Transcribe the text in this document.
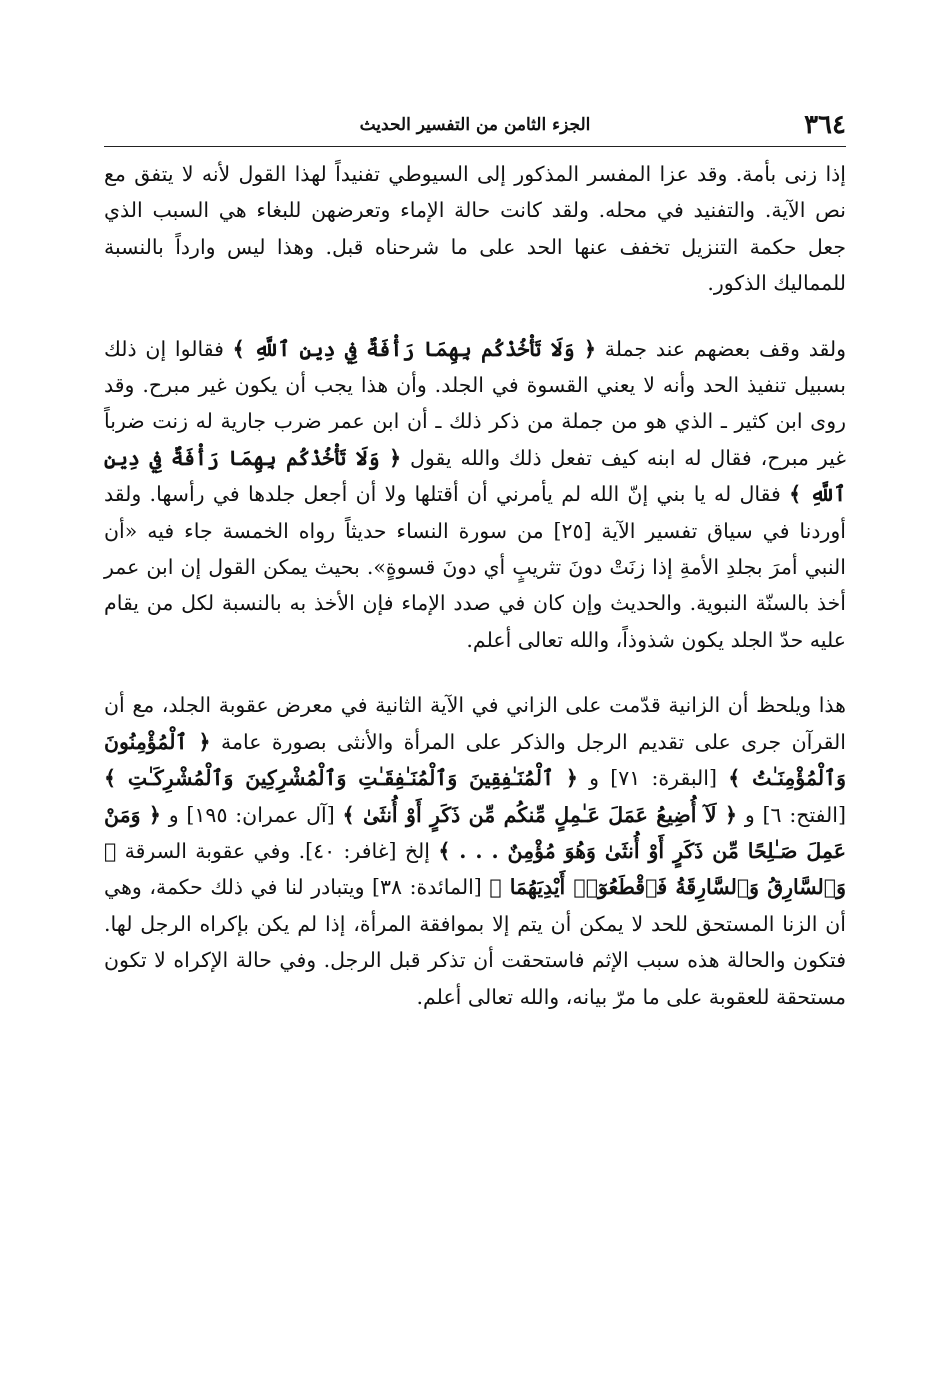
٣٦٤
الجزء الثامن من التفسير الحديث

إذا زنى بأمة. وقد عزا المفسر المذكور إلى السيوطي تفنيداً لهذا القول لأنه لا يتفق مع نص الآية. والتفنيد في محله. ولقد كانت حالة الإماء وتعرضهن للبغاء هي السبب الذي جعل حكمة التنزيل تخفف عنها الحد على ما شرحناه قبل. وهذا ليس وارداً بالنسبة للمماليك الذكور.

ولقد وقف بعضهم عند جملة ﴿ وَلَا تَأْخُذْكُم بِهِمَا رَأْفَةٌ فِي دِينِ ٱللَّهِ ﴾ فقالوا إن ذلك بسبيل تنفيذ الحد وأنه لا يعني القسوة في الجلد. وأن هذا يجب أن يكون غير مبرح. وقد روى ابن كثير ـ الذي هو من جملة من ذكر ذلك ـ أن ابن عمر ضرب جارية له زنت ضرباً غير مبرح، فقال له ابنه كيف تفعل ذلك والله يقول ﴿ وَلَا تَأْخُذْكُم بِهِمَا رَأْفَةٌ فِي دِينِ ٱللَّهِ ﴾ فقال له يا بني إنّ الله لم يأمرني أن أقتلها ولا أن أجعل جلدها في رأسها. ولقد أوردنا في سياق تفسير الآية [٢٥] من سورة النساء حديثاً رواه الخمسة جاء فيه «أن النبي أمرَ بجلدِ الأمةِ إذا زنَتْ دونَ تثريبٍ أي دونَ قسوةٍ». بحيث يمكن القول إن ابن عمر أخذ بالسنّة النبوية. والحديث وإن كان في صدد الإماء فإن الأخذ به بالنسبة لكل من يقام عليه حدّ الجلد يكون شذوذاً، والله تعالى أعلم.

هذا ويلحظ أن الزانية قدّمت على الزاني في الآية الثانية في معرض عقوبة الجلد، مع أن القرآن جرى على تقديم الرجل والذكر على المرأة والأنثى بصورة عامة ﴿ ٱلْمُؤْمِنُونَ وَٱلْمُؤْمِنَـٰتُ ﴾ [البقرة: ٧١] و ﴿ ٱلْمُنَـٰفِقِينَ وَٱلْمُنَـٰفِقَـٰتِ وَٱلْمُشْرِكِينَ وَٱلْمُشْرِكَـٰتِ ﴾ [الفتح: ٦] و ﴿ لَآ أُضِيعُ عَمَلَ عَـٰمِلٍ مِّنكُم مِّن ذَكَرٍ أَوْ أُنثَىٰ ﴾ [آل عمران: ١٩٥] و ﴿ وَمَنْ عَمِلَ صَـٰلِحًا مِّن ذَكَرٍ أَوْ أُنثَىٰ وَهُوَ مُؤْمِنٌ . . . ﴾ إلخ [غافر: ٤٠]. وفي عقوبة السرقة ﴿ وَٱلسَّارِقُ وَٱلسَّارِقَةُ فَٱقْطَعُوٓا۟ أَيْدِيَهُمَا ﴾ [المائدة: ٣٨] ويتبادر لنا في ذلك حكمة، وهي أن الزنا المستحق للحد لا يمكن أن يتم إلا بموافقة المرأة، إذا لم يكن بإكراه الرجل لها. فتكون والحالة هذه سبب الإثم فاستحقت أن تذكر قبل الرجل. وفي حالة الإكراه لا تكون مستحقة للعقوبة على ما مرّ بيانه، والله تعالى أعلم.
